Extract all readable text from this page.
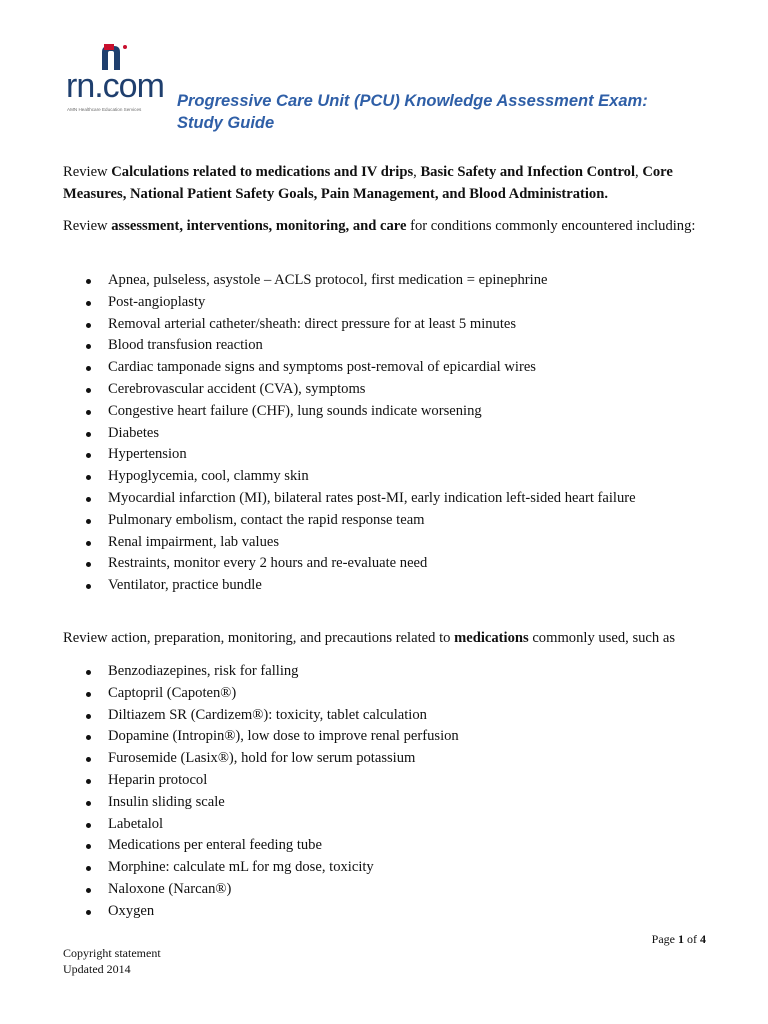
rn.com
AMN Healthcare Education Services Progressive Care Unit (PCU) Knowledge Assessment Exam:
Study Guide

Review Calculations related to medications and IV drips, Basic Safety and Infection Control, Core Measures, National Patient Safety Goals, Pain Management, and Blood Administration.

Review assessment, interventions, monitoring, and care for conditions commonly encountered including:

Apnea, pulseless, asystole – ACLS protocol, first medication = epinephrine
Post-angioplasty
Removal arterial catheter/sheath: direct pressure for at least 5 minutes
Blood transfusion reaction
Cardiac tamponade signs and symptoms post-removal of epicardial wires
Cerebrovascular accident (CVA), symptoms
Congestive heart failure (CHF), lung sounds indicate worsening
Diabetes
Hypertension
Hypoglycemia, cool, clammy skin
Myocardial infarction (MI), bilateral rates post-MI, early indication left-sided heart failure
Pulmonary embolism, contact the rapid response team
Renal impairment, lab values
Restraints, monitor every 2 hours and re-evaluate need
Ventilator, practice bundle

Review action, preparation, monitoring, and precautions related to medications commonly used, such as

Benzodiazepines, risk for falling
Captopril (Capoten®)
Diltiazem SR (Cardizem®): toxicity, tablet calculation
Dopamine (Intropin®), low dose to improve renal perfusion
Furosemide (Lasix®), hold for low serum potassium
Heparin protocol
Insulin sliding scale
Labetalol
Medications per enteral feeding tube
Morphine: calculate mL for mg dose, toxicity
Naloxone (Narcan®)
Oxygen
Page 1 of 4
Copyright statement
Updated 2014
